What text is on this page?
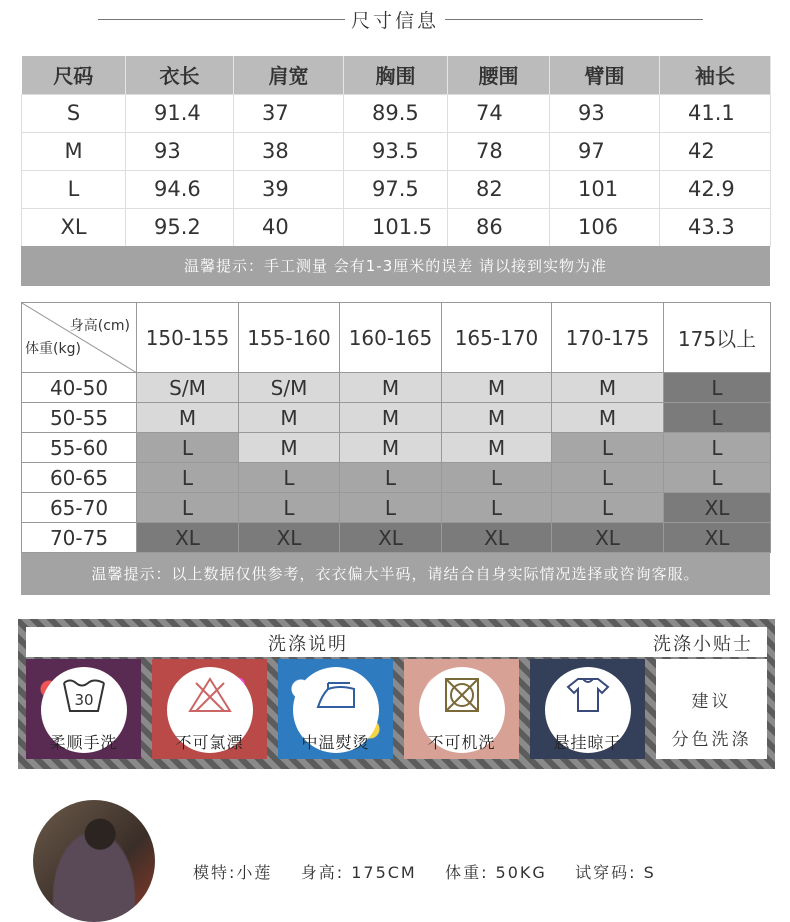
尺寸信息
尺码	衣长	肩宽	胸围	腰围	臂围	袖长
S	91.4	37	89.5	74	93	41.1
M	93	38	93.5	78	97	42
L	94.6	39	97.5	82	101	42.9
XL	95.2	40	101.5	86	106	43.3
温馨提示：手工测量 会有1-3厘米的误差 请以接到实物为准
身高(cm)
体重(kg)	150-155	155-160	160-165	165-170	170-175	175以上
40-50	S/M	S/M	M	M	M	L
50-55	M	M	M	M	M	L
55-60	L	M	M	M	L	L
60-65	L	L	L	L	L	L
65-70	L	L	L	L	L	XL
70-75	XL	XL	XL	XL	XL	XL
温馨提示：以上数据仅供参考，衣衣偏大半码，请结合自身实际情况选择或咨询客服。
洗涤说明	洗涤小贴士
30
柔顺手洗	不可氯漂	中温熨烫	不可机洗	悬挂晾干
建议
分色洗涤
模特:小莲    身高: 175CM    体重: 50KG    试穿码: S
